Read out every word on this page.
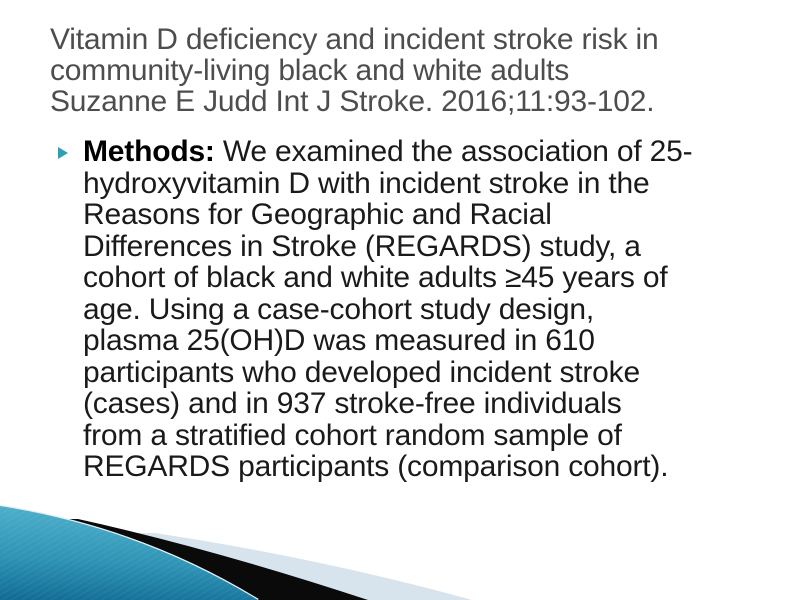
Vitamin D deficiency and incident stroke risk in
community-living black and white adults
Suzanne E Judd Int J Stroke. 2016;11:93-102.
Methods: We examined the association of 25-
hydroxyvitamin D with incident stroke in the
Reasons for Geographic and Racial
Differences in Stroke (REGARDS) study, a
cohort of black and white adults ≥45 years of
age. Using a case-cohort study design,
plasma 25(OH)D was measured in 610
participants who developed incident stroke
(cases) and in 937 stroke-free individuals
from a stratified cohort random sample of
REGARDS participants (comparison cohort).
